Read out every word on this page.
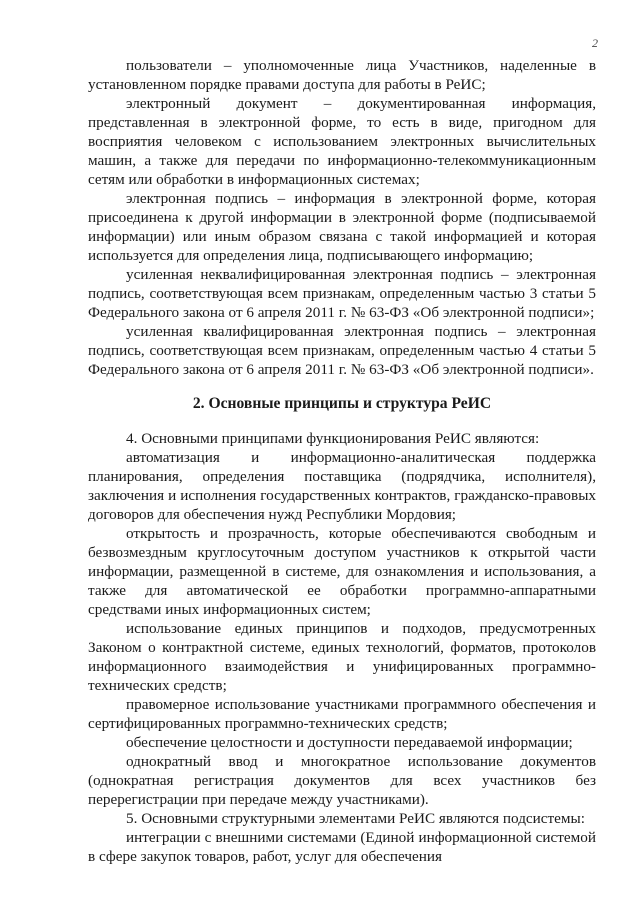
2

пользователи – уполномоченные лица Участников, наделенные в установленном порядке правами доступа для работы в РеИС;

электронный документ – документированная информация, представленная в электронной форме, то есть в виде, пригодном для восприятия человеком с использованием электронных вычислительных машин, а также для передачи по информационно-телекоммуникационным сетям или обработки в информационных системах;

электронная подпись – информация в электронной форме, которая присоединена к другой информации в электронной форме (подписываемой информации) или иным образом связана с такой информацией и которая используется для определения лица, подписывающего информацию;

усиленная неквалифицированная электронная подпись – электронная подпись, соответствующая всем признакам, определенным частью 3 статьи 5 Федерального закона от 6 апреля 2011 г. № 63-ФЗ «Об электронной подписи»;

усиленная квалифицированная электронная подпись – электронная подпись, соответствующая всем признакам, определенным частью 4 статьи 5 Федерального закона от 6 апреля 2011 г. № 63-ФЗ «Об электронной подписи».

2. Основные принципы и структура РеИС

4. Основными принципами функционирования РеИС являются:

автоматизация и информационно-аналитическая поддержка планирования, определения поставщика (подрядчика, исполнителя), заключения и исполнения государственных контрактов, гражданско-правовых договоров для обеспечения нужд Республики Мордовия;

открытость и прозрачность, которые обеспечиваются свободным и безвозмездным круглосуточным доступом участников к открытой части информации, размещенной в системе, для ознакомления и использования, а также для автоматической ее обработки программно-аппаратными средствами иных информационных систем;

использование единых принципов и подходов, предусмотренных Законом о контрактной системе, единых технологий, форматов, протоколов информационного взаимодействия и унифицированных программно-технических средств;

правомерное использование участниками программного обеспечения и сертифицированных программно-технических средств;

обеспечение целостности и доступности передаваемой информации;

однократный ввод и многократное использование документов (однократная регистрация документов для всех участников без перерегистрации при передаче между участниками).

5. Основными структурными элементами РеИС являются подсистемы:

интеграции с внешними системами (Единой информационной системой в сфере закупок товаров, работ, услуг для обеспечения
